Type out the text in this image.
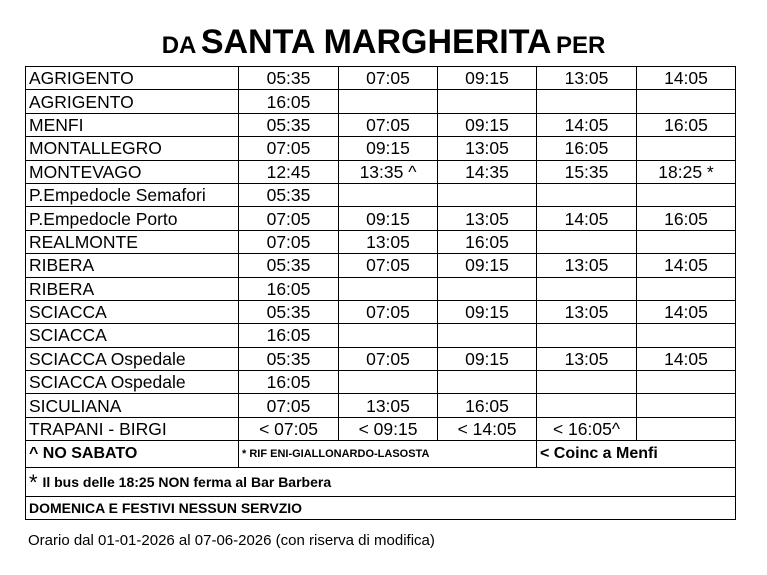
DA SANTA MARGHERITA PER
AGRIGENTO	05:35	07:05	09:15	13:05	14:05
AGRIGENTO	16:05				
MENFI	05:35	07:05	09:15	14:05	16:05
MONTALLEGRO	07:05	09:15	13:05	16:05	
MONTEVAGO	12:45	13:35 ^	14:35	15:35	18:25 *
P.Empedocle Semafori	05:35				
P.Empedocle Porto	07:05	09:15	13:05	14:05	16:05
REALMONTE	07:05	13:05	16:05		
RIBERA	05:35	07:05	09:15	13:05	14:05
RIBERA	16:05				
SCIACCA	05:35	07:05	09:15	13:05	14:05
SCIACCA	16:05				
SCIACCA Ospedale	05:35	07:05	09:15	13:05	14:05
SCIACCA Ospedale	16:05				
SICULIANA	07:05	13:05	16:05		
TRAPANI - BIRGI	< 07:05	< 09:15	< 14:05	< 16:05^	
^ NO SABATO	* RIF ENI-GIALLONARDO-LASOSTA			< Coinc a Menfi	
* Il bus delle 18:25 NON ferma al Bar Barbera					
DOMENICA E FESTIVI NESSUN SERVZIO					
Orario dal 01-01-2026 al 07-06-2026 (con riserva di modifica)
